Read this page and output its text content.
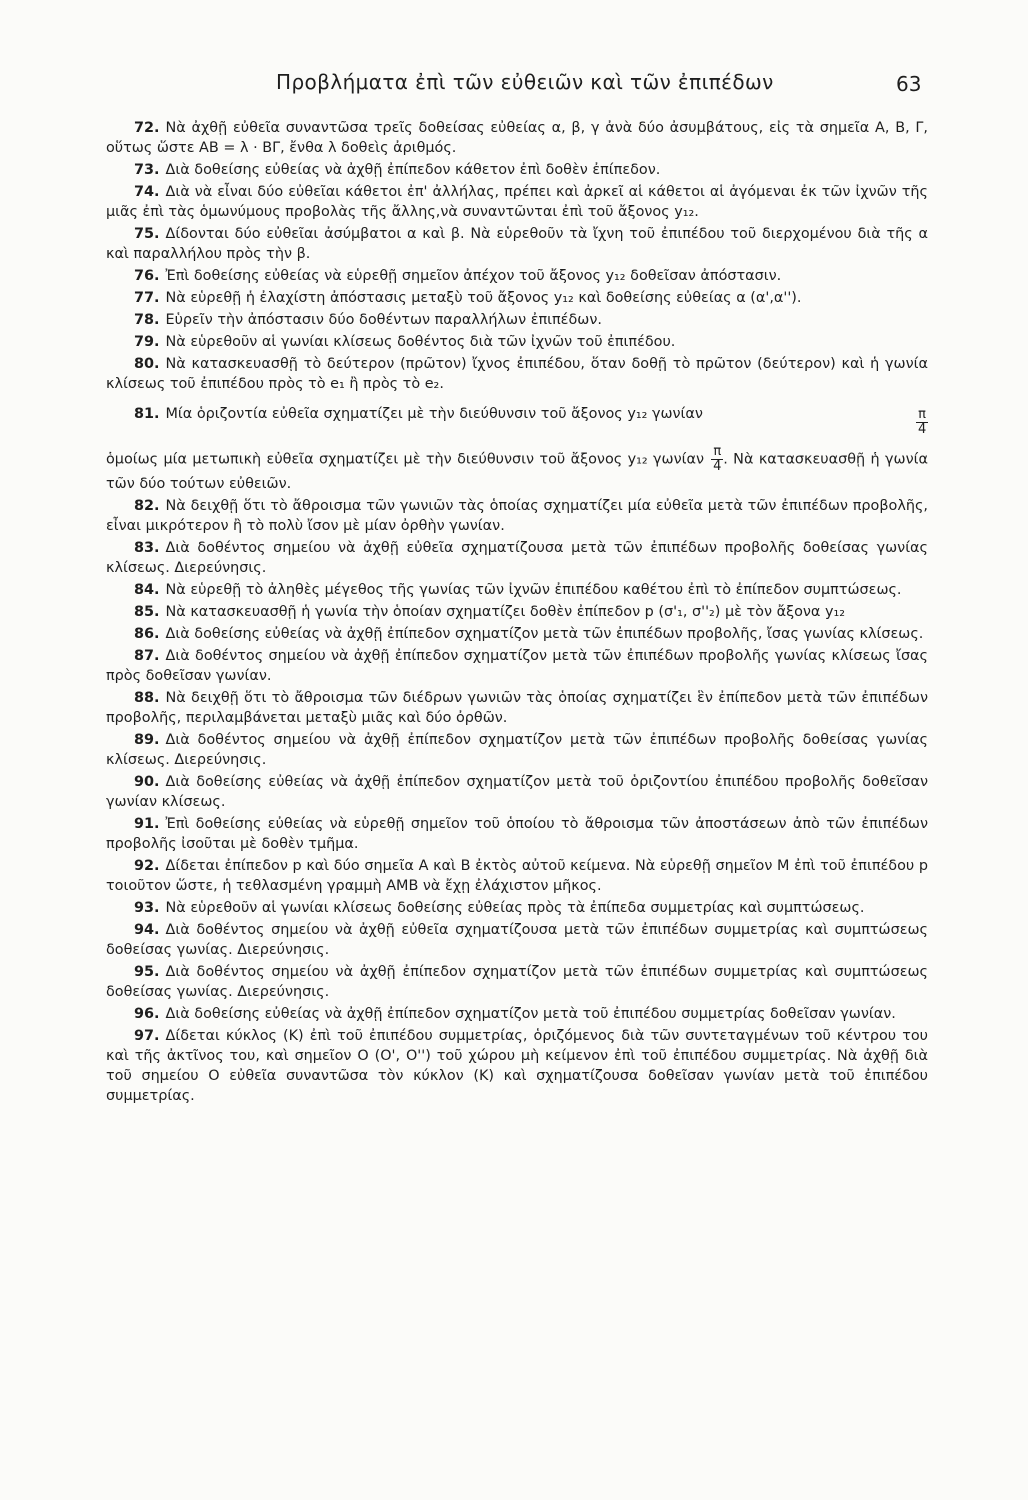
Προβλήματα ἐπὶ τῶν εὐθειῶν καὶ τῶν ἐπιπέδων	63
72. Νὰ ἀχθῇ εὐθεῖα συναντῶσα τρεῖς δοθείσας εὐθείας α, β, γ ἀνὰ δύο ἀσυμβάτους, εἰς τὰ σημεῖα Α, Β, Γ, οὕτως ὥστε ΑΒ = λ · ΒΓ, ἔνθα λ δοθεὶς ἀριθμός.
73. Διὰ δοθείσης εὐθείας νὰ ἀχθῇ ἐπίπεδον κάθετον ἐπὶ δοθὲν ἐπίπεδον.
74. Διὰ νὰ εἶναι δύο εὐθεῖαι κάθετοι ἐπ' ἀλλήλας, πρέπει καὶ ἀρκεῖ αἱ κάθετοι αἱ ἀγόμεναι ἐκ τῶν ἰχνῶν τῆς μιᾶς ἐπὶ τὰς ὁμωνύμους προβολὰς τῆς ἄλλης,νὰ συναντῶνται ἐπὶ τοῦ ἄξονος y₁₂.
75. Δίδονται δύο εὐθεῖαι ἀσύμβατοι α καὶ β. Νὰ εὑρεθοῦν τὰ ἴχνη τοῦ ἐπιπέδου τοῦ διερχομένου διὰ τῆς α καὶ παραλλήλου πρὸς τὴν β.
76. Ἐπὶ δοθείσης εὐθείας νὰ εὑρεθῇ σημεῖον ἀπέχον τοῦ ἄξονος y₁₂ δοθεῖσαν ἀπόστασιν.
77. Νὰ εὑρεθῇ ἡ ἐλαχίστη ἀπόστασις μεταξὺ τοῦ ἄξονος y₁₂ καὶ δοθείσης εὐθείας α (α',α'').
78. Εὑρεῖν τὴν ἀπόστασιν δύο δοθέντων παραλλήλων ἐπιπέδων.
79. Νὰ εὑρεθοῦν αἱ γωνίαι κλίσεως δοθέντος διὰ τῶν ἰχνῶν τοῦ ἐπιπέδου.
80. Νὰ κατασκευασθῇ τὸ δεύτερον (πρῶτον) ἴχνος ἐπιπέδου, ὅταν δοθῇ τὸ πρῶτον (δεύτερον) καὶ ἡ γωνία κλίσεως τοῦ ἐπιπέδου πρὸς τὸ e₁ ἢ πρὸς τὸ e₂.
81. Μία ὁριζοντία εὐθεῖα σχηματίζει μὲ τὴν διεύθυνσιν τοῦ ἄξονος y₁₂ γωνίαν	$\frac{\pi}{4}$
ὁμοίως μία μετωπικὴ εὐθεῖα σχηματίζει μὲ τὴν διεύθυνσιν τοῦ ἄξονος y₁₂ γωνίαν $\frac{\pi}{4}$ . Νὰ κατασκευασθῇ ἡ γωνία τῶν δύο τούτων εὐθειῶν.
82. Νὰ δειχθῇ ὅτι τὸ ἄθροισμα τῶν γωνιῶν τὰς ὁποίας σχηματίζει μία εὐθεῖα μετὰ τῶν ἐπιπέδων προβολῆς, εἶναι μικρότερον ἢ τὸ πολὺ ἴσον μὲ μίαν ὀρθὴν γωνίαν.
83. Διὰ δοθέντος σημείου νὰ ἀχθῇ εὐθεῖα σχηματίζουσα μετὰ τῶν ἐπιπέδων προβολῆς δοθείσας γωνίας κλίσεως. Διερεύνησις.
84. Νὰ εὑρεθῇ τὸ ἀληθὲς μέγεθος τῆς γωνίας τῶν ἰχνῶν ἐπιπέδου καθέτου ἐπὶ τὸ ἐπίπεδον συμπτώσεως.
85. Νὰ κατασκευασθῇ ἡ γωνία τὴν ὁποίαν σχηματίζει δοθὲν ἐπίπεδον p (σ'₁, σ''₂) μὲ τὸν ἄξονα y₁₂
86. Διὰ δοθείσης εὐθείας νὰ ἀχθῇ ἐπίπεδον σχηματίζον μετὰ τῶν ἐπιπέδων προβολῆς, ἴσας γωνίας κλίσεως.
87. Διὰ δοθέντος σημείου νὰ ἀχθῇ ἐπίπεδον σχηματίζον μετὰ τῶν ἐπιπέδων προβολῆς γωνίας κλίσεως ἴσας πρὸς δοθεῖσαν γωνίαν.
88. Νὰ δειχθῇ ὅτι τὸ ἄθροισμα τῶν διέδρων γωνιῶν τὰς ὁποίας σχηματίζει ἓν ἐπίπεδον μετὰ τῶν ἐπιπέδων προβολῆς, περιλαμβάνεται μεταξὺ μιᾶς καὶ δύο ὀρθῶν.
89. Διὰ δοθέντος σημείου νὰ ἀχθῇ ἐπίπεδον σχηματίζον μετὰ τῶν ἐπιπέδων προβολῆς δοθείσας γωνίας κλίσεως. Διερεύνησις.
90. Διὰ δοθείσης εὐθείας νὰ ἀχθῇ ἐπίπεδον σχηματίζον μετὰ τοῦ ὁριζοντίου ἐπιπέδου προβολῆς δοθεῖσαν γωνίαν κλίσεως.
91. Ἐπὶ δοθείσης εὐθείας νὰ εὑρεθῇ σημεῖον τοῦ ὁποίου τὸ ἄθροισμα τῶν ἀποστάσεων ἀπὸ τῶν ἐπιπέδων προβολῆς ἰσοῦται μὲ δοθὲν τμῆμα.
92. Δίδεται ἐπίπεδον p καὶ δύο σημεῖα Α καὶ Β ἐκτὸς αὐτοῦ κείμενα. Νὰ εὑρεθῇ σημεῖον Μ ἐπὶ τοῦ ἐπιπέδου p τοιοῦτον ὥστε, ἡ τεθλασμένη γραμμὴ ΑΜΒ νὰ ἔχῃ ἐλάχιστον μῆκος.
93. Νὰ εὑρεθοῦν αἱ γωνίαι κλίσεως δοθείσης εὐθείας πρὸς τὰ ἐπίπεδα συμμετρίας καὶ συμπτώσεως.
94. Διὰ δοθέντος σημείου νὰ ἀχθῇ εὐθεῖα σχηματίζουσα μετὰ τῶν ἐπιπέδων συμμετρίας καὶ συμπτώσεως δοθείσας γωνίας. Διερεύνησις.
95. Διὰ δοθέντος σημείου νὰ ἀχθῇ ἐπίπεδον σχηματίζον μετὰ τῶν ἐπιπέδων συμμετρίας καὶ συμπτώσεως δοθείσας γωνίας. Διερεύνησις.
96. Διὰ δοθείσης εὐθείας νὰ ἀχθῇ ἐπίπεδον σχηματίζον μετὰ τοῦ ἐπιπέδου συμμετρίας δοθεῖσαν γωνίαν.
97. Δίδεται κύκλος (Κ) ἐπὶ τοῦ ἐπιπέδου συμμετρίας, ὁριζόμενος διὰ τῶν συντεταγμένων τοῦ κέντρου του καὶ τῆς ἀκτῖνος του, καὶ σημεῖον Ο (Ο', Ο'') τοῦ χώρου μὴ κείμενον ἐπὶ τοῦ ἐπιπέδου συμμετρίας. Νὰ ἀχθῇ διὰ τοῦ σημείου Ο εὐθεῖα συναντῶσα τὸν κύκλον (Κ) καὶ σχηματίζουσα δοθεῖσαν γωνίαν μετὰ τοῦ ἐπιπέδου συμμετρίας.
